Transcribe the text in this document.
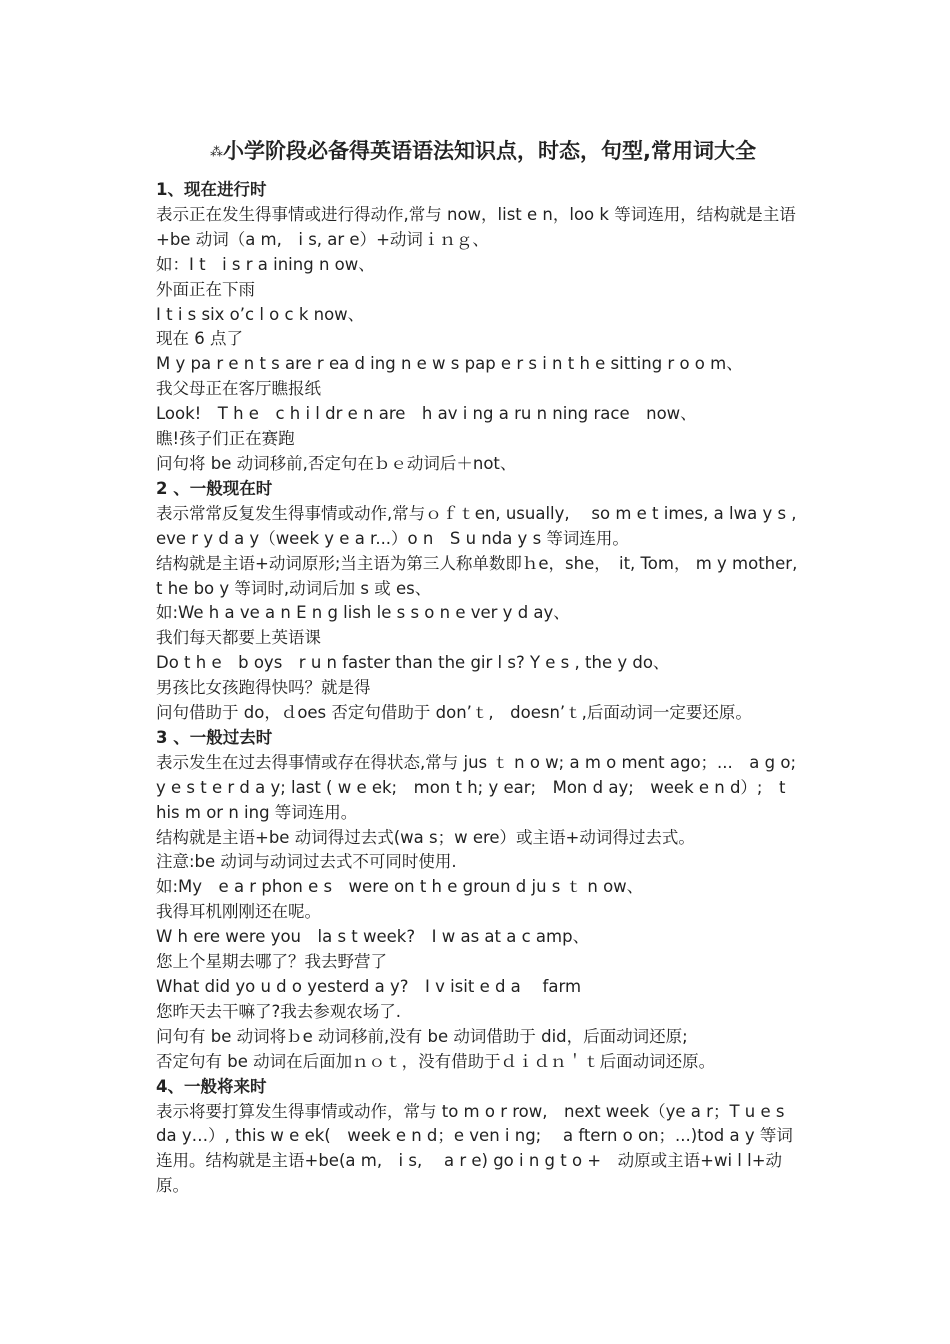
⁂小学阶段必备得英语语法知识点，时态，句型,常用词大全

1、现在进行时

表示正在发生得事情或进行得动作,常与 now，list e n，loo k 等词连用，结构就是主语+be 动词（a m,　i s, ar e）+动词ｉｎｇ、

如：I t　i s r a ining n ow、

外面正在下雨

I t i s six o’c l o c k now、

现在 6 点了

M y pa r e n t s are r ea d ing n e w s pap e r s i n t h e sitting r o o m、

我父母正在客厅瞧报纸

Look!　T h e　c h i l dr e n are　h av i ng a ru n ning race　now、

瞧!孩子们正在赛跑

问句将 be 动词移前,否定句在ｂｅ动词后＋not、

2 、一般现在时

表示常常反复发生得事情或动作,常与ｏｆｔen, usually,　 so m e t imes, a lwa y s , eve r y d a y（week y e a r...）o n　S u nda y s 等词连用。

结构就是主语+动词原形;当主语为第三人称单数即ｈe，she，　it, Tom， m y mother,　t he bo y 等词时,动词后加 s 或 es、

如:We h a ve a n E n g lish le s s o n e ver y d ay、

我们每天都要上英语课

Do t h e　b oys　r u n faster than the gir l s? Y e s , the y do、

男孩比女孩跑得快吗？就是得

问句借助于 do，ｄoes 否定句借助于 don’ｔ,　doesn’ｔ,后面动词一定要还原。

3 、一般过去时

表示发生在过去得事情或存在得状态,常与 jus ｔ n o w; a m o ment ago；...　a g o;　y e s t e r d a y; last ( w e ek;　mon t h; y ear;　Mon d ay;　week e n d）;　t his m or n ing 等词连用。

结构就是主语+be 动词得过去式(wa s；w ere）或主语+动词得过去式。

注意:be 动词与动词过去式不可同时使用.

如:My　e a r phon e s　were on t h e groun d ju s ｔ n ow、

我得耳机刚刚还在呢。

W h ere were you　la s t week?　I w as at a c amp、

您上个星期去哪了？我去野营了

What did yo u d o yesterd a y?　I v isit e d a　 farm

您昨天去干嘛了?我去参观农场了.

问句有 be 动词将ｂe 动词移前,没有 be 动词借助于 did，后面动词还原;

否定句有 be 动词在后面加ｎｏｔ，没有借助于ｄｉｄｎ＇ｔ后面动词还原。

4、一般将来时

表示将要打算发生得事情或动作，常与 to m o r row,　next week（ye a r；T u e s da y…）, this w e ek(　week e n d；e ven i ng;　 a ftern o on；...)tod a y 等词连用。结构就是主语+be(a m,　i s,　 a r e) go i n g t o +　动原或主语+wi l l+动原。
